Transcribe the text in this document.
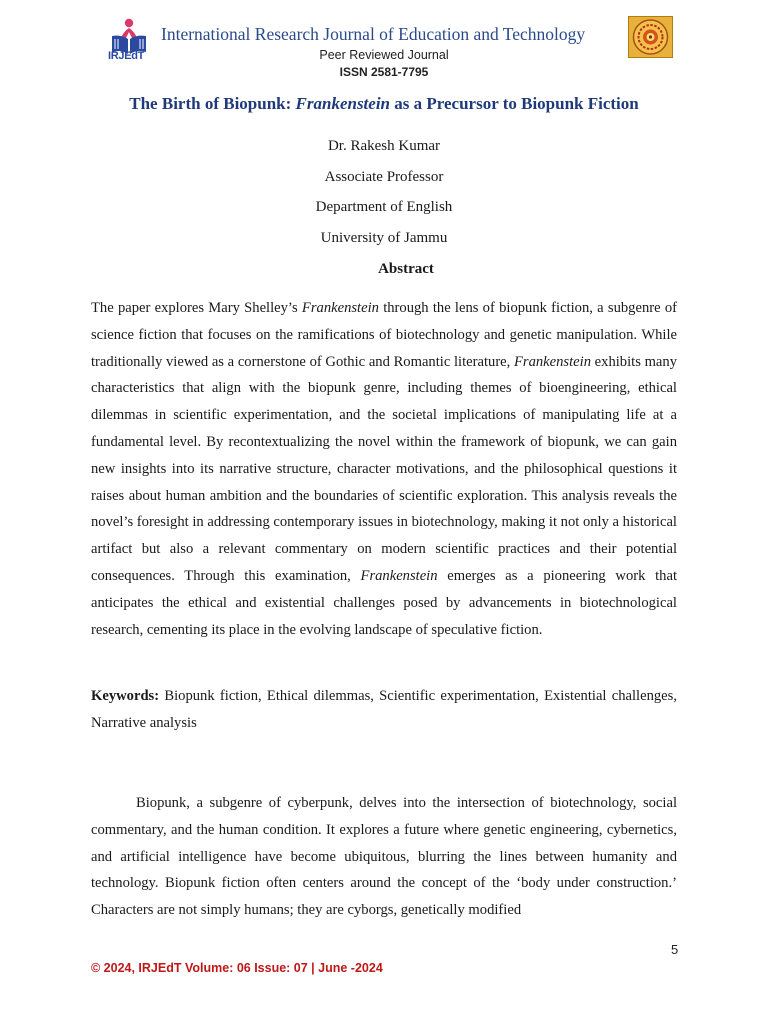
IRJEdT
International Research Journal of Education and Technology
Peer Reviewed Journal
ISSN 2581-7795
The Birth of Biopunk: Frankenstein as a Precursor to Biopunk Fiction
Dr. Rakesh Kumar
Associate Professor
Department of English
University of Jammu
Abstract

The paper explores Mary Shelley’s Frankenstein through the lens of biopunk fiction, a subgenre of science fiction that focuses on the ramifications of biotechnology and genetic manipulation. While traditionally viewed as a cornerstone of Gothic and Romantic literature, Frankenstein exhibits many characteristics that align with the biopunk genre, including themes of bioengineering, ethical dilemmas in scientific experimentation, and the societal implications of manipulating life at a fundamental level. By recontextualizing the novel within the framework of biopunk, we can gain new insights into its narrative structure, character motivations, and the philosophical questions it raises about human ambition and the boundaries of scientific exploration. This analysis reveals the novel’s foresight in addressing contemporary issues in biotechnology, making it not only a historical artifact but also a relevant commentary on modern scientific practices and their potential consequences. Through this examination, Frankenstein emerges as a pioneering work that anticipates the ethical and existential challenges posed by advancements in biotechnological research, cementing its place in the evolving landscape of speculative fiction.

Keywords: Biopunk fiction, Ethical dilemmas, Scientific experimentation, Existential challenges, Narrative analysis

Biopunk, a subgenre of cyberpunk, delves into the intersection of biotechnology, social commentary, and the human condition. It explores a future where genetic engineering, cybernetics, and artificial intelligence have become ubiquitous, blurring the lines between humanity and technology. Biopunk fiction often centers around the concept of the ‘body under construction.’ Characters are not simply humans; they are cyborgs, genetically modified

5
© 2024, IRJEdT Volume: 06 Issue: 07 | June -2024
